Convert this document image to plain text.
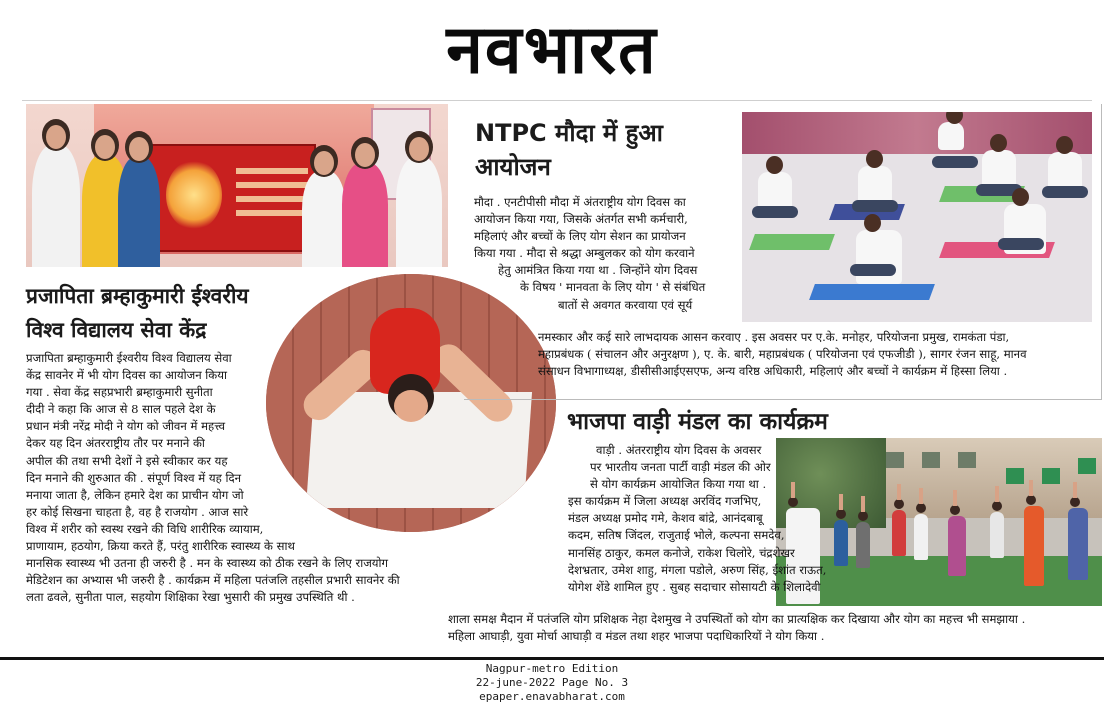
नवभारत
प्रजापिता ब्रम्हाकुमारी ईश्वरीय
विश्व विद्यालय सेवा केंद्र
प्रजापिता ब्रम्हाकुमारी ईश्वरीय विश्व विद्यालय सेवा
केंद्र सावनेर में भी योग दिवस का आयोजन किया
गया . सेवा केंद्र सहप्रभारी ब्रम्हाकुमारी सुनीता
दीदी ने कहा कि आज से 8 साल पहले देश के
प्रधान मंत्री नरेंद्र मोदी ने योग को जीवन में महत्त्व
देकर यह दिन अंतरराष्ट्रीय तौर पर मनाने की
अपील की तथा सभी देशों ने इसे स्वीकार कर यह
दिन मनाने की शुरुआत की . संपूर्ण विश्व में यह दिन
मनाया जाता है, लेकिन हमारे देश का प्राचीन योग जो
हर कोई सिखना चाहता है, वह है राजयोग . आज सारे
विश्व में शरीर को स्वस्थ रखने की विधि शारीरिक व्यायाम,
प्राणायाम, हठयोग, क्रिया करते हैं, परंतु शारीरिक स्वास्थ्य के साथ
मानसिक स्वास्थ्य भी उतना ही जरुरी है . मन के स्वास्थ्य को ठीक रखने के लिए राजयोग
मेडिटेशन का अभ्यास भी जरुरी है . कार्यक्रम में महिला पतंजलि तहसील प्रभारी सावनेर की
लता ढवले, सुनीता पाल, सहयोग शिक्षिका रेखा भुसारी की प्रमुख उपस्थिति थी .
NTPC मौदा में हुआ
आयोजन
मौदा . एनटीपीसी मौदा में अंतराष्ट्रीय योग दिवस का
आयोजन किया गया, जिसके अंतर्गत सभी कर्मचारी,
महिलाएं और बच्चों के लिए योग सेशन का प्रायोजन
किया गया . मौदा से श्रद्धा अम्बुलकर को योग करवाने
हेतु आमंत्रित किया गया था . जिन्होंने योग दिवस
के विषय ' मानवता के लिए योग ' से संबंधित
बातों से अवगत करवाया एवं सूर्य
नमस्कार और कई सारे लाभदायक आसन करवाए . इस अवसर पर ए.के. मनोहर, परियोजना प्रमुख, रामकंता पंडा,
महाप्रबंधक ( संचालन और अनुरक्षण ), ए. के. बारी, महाप्रबंधक ( परियोजना एवं एफजीडी ), सागर रंजन साहू, मानव
संसाधन विभागाध्यक्ष, डीसीसीआईएसएफ, अन्य वरिष्ठ अधिकारी, महिलाएं और बच्चों ने कार्यक्रम में हिस्सा लिया .
भाजपा वाड़ी मंडल का कार्यक्रम
वाड़ी . अंतरराष्ट्रीय योग दिवस के अवसर
पर भारतीय जनता पार्टी वाड़ी मंडल की ओर
से योग कार्यक्रम आयोजित किया गया था .
इस कार्यक्रम में जिला अध्यक्ष अरविंद गजभिए,
मंडल अध्यक्ष प्रमोद गमे, केशव बांद्रे, आनंदबाबू
कदम, सतिष जिंदल, राजुताई भोले, कल्पना समदेव,
मानसिंह ठाकुर, कमल कनोजे, राकेश चिलोरे, चंद्रशेखर
देशभ्रतार, उमेश शाहु, मंगला पडोले, अरुण सिंह, ईशांत राऊत,
योगेश शेंडे शामिल हुए . सुबह सदाचार सोसायटी के शिलादेवी
शाला समक्ष मैदान में पतंजलि योग प्रशिक्षक नेहा देशमुख ने उपस्थितों को योग का प्रात्यक्षिक कर दिखाया और योग का महत्त्व भी समझाया .
महिला आघाड़ी, युवा मोर्चा आघाड़ी व मंडल तथा शहर भाजपा पदाधिकारियों ने योग किया .
Nagpur-metro Edition
22-june-2022 Page No. 3
epaper.enavabharat.com
